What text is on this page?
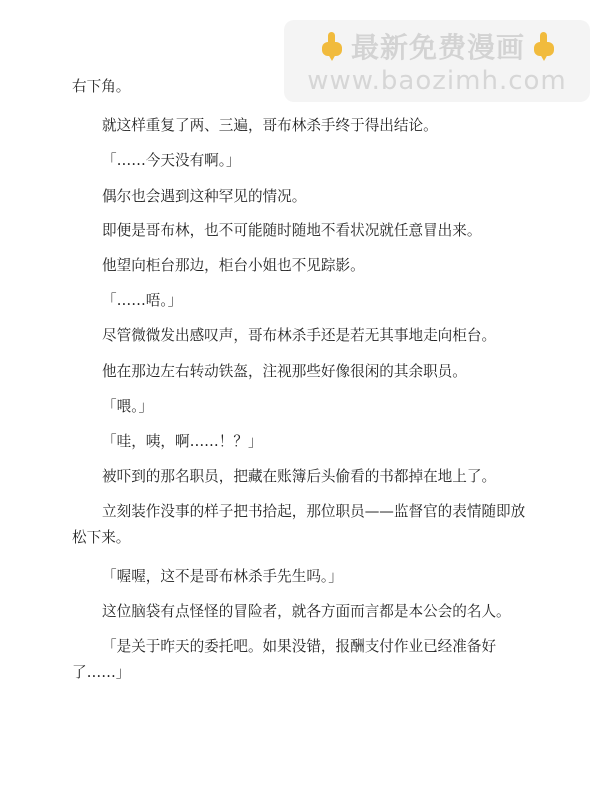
最新免费漫画
www.baozimh.com
右下角。
就这样重复了两、三遍，哥布林杀手终于得出结论。
「……今天没有啊。」
偶尔也会遇到这种罕见的情况。
即便是哥布林，也不可能随时随地不看状况就任意冒出来。
他望向柜台那边，柜台小姐也不见踪影。
「……唔。」
尽管微微发出感叹声，哥布林杀手还是若无其事地走向柜台。
他在那边左右转动铁盔，注视那些好像很闲的其余职员。
「喂。」
「哇，咦，啊……！？」
被吓到的那名职员，把藏在账簿后头偷看的书都掉在地上了。
立刻装作没事的样子把书拾起，那位职员——监督官的表情随即放
松下来。
「喔喔，这不是哥布林杀手先生吗。」
这位脑袋有点怪怪的冒险者，就各方面而言都是本公会的名人。
「是关于昨天的委托吧。如果没错，报酬支付作业已经准备好
了……」
